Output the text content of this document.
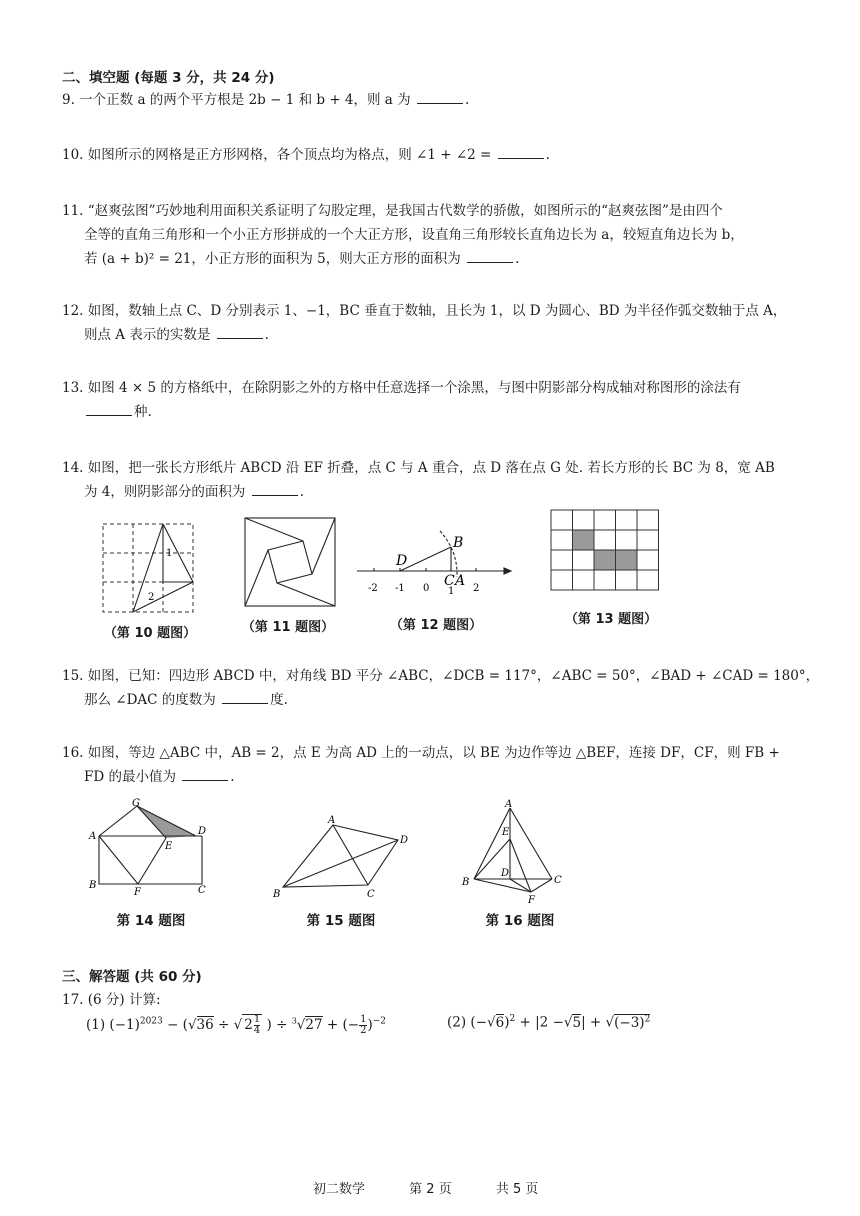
二、填空题 (每题 3 分，共 24 分)
9. 一个正数 a 的两个平方根是 2b − 1 和 b + 4，则 a 为	.
10. 如图所示的网格是正方形网格，各个顶点均为格点，则 ∠1 + ∠2 =	.
11. “赵爽弦图”巧妙地利用面积关系证明了勾股定理，是我国古代数学的骄傲，如图所示的“赵爽弦图”是由四个
全等的直角三角形和一个小正方形拼成的一个大正方形，设直角三角形较长直角边长为 a，较短直角边长为 b，
若 (a + b)² = 21，小正方形的面积为 5，则大正方形的面积为	.
12. 如图，数轴上点 C、D 分别表示 1、−1，BC 垂直于数轴，且长为 1，以 D 为圆心、BD 为半径作弧交数轴于点 A，
则点 A 表示的实数是	.
13. 如图 4 × 5 的方格纸中，在除阴影之外的方格中任意选择一个涂黑，与图中阴影部分构成轴对称图形的涂法有
种.
14. 如图，把一张长方形纸片 ABCD 沿 EF 折叠，点 C 与 A 重合，点 D 落在点 G 处. 若长方形的长 BC 为 8，宽 AB
为 4，则阴影部分的面积为	.
1
2
（第 10 题图）	（第 11 题图）
D
B
C A
-2 -1 0 1 2
（第 12 题图）	（第 13 题图）
15. 如图，已知：四边形 ABCD 中，对角线 BD 平分 ∠ABC，∠DCB = 117°，∠ABC = 50°，∠BAD + ∠CAD = 180°，
那么 ∠DAC 的度数为	度.
16. 如图，等边 △ABC 中，AB = 2，点 E 为高 AD 上的一动点，以 BE 为边作等边 △BEF，连接 DF，CF，则 FB +
FD 的最小值为	.
G
A	D
E
B
F	C
第 14 题图
A
D
B	C
第 15 题图
A
E
D
B	C
F
第 16 题图
三、解答题 (共 60 分)
17. (6 分) 计算:
(1) $(-1)^{2023} - (√36$ ÷ √ $2 \frac{1}{4}$ ) ÷ $^3$√27 + (− $\frac{1}{2} )^{-2}$	(2) $(-√6)^2 + |2 -√5| + √(-3)^2$
初二数学	第 2 页	共 5 页
